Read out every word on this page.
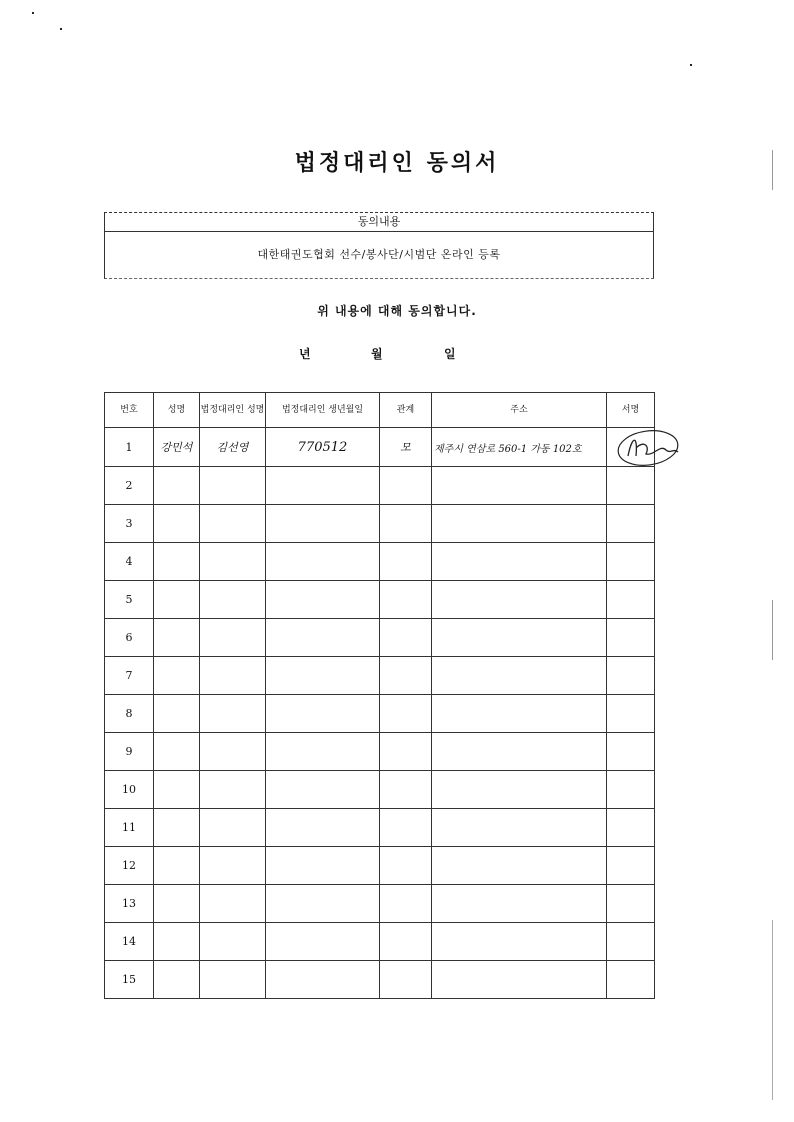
법정대리인 동의서
동의내용
대한태권도협회 선수/봉사단/시범단 온라인 등록
위 내용에 대해 동의합니다.
년	월	일
번호	성명	법정대리인 성명	법정대리인 생년월일	관계	주소	서명
1	강민석	김선영	770512	모	제주시 연삼로 560-1 가동 102호	
2						
3						
4						
5						
6						
7						
8						
9						
10						
11						
12						
13						
14						
15						
